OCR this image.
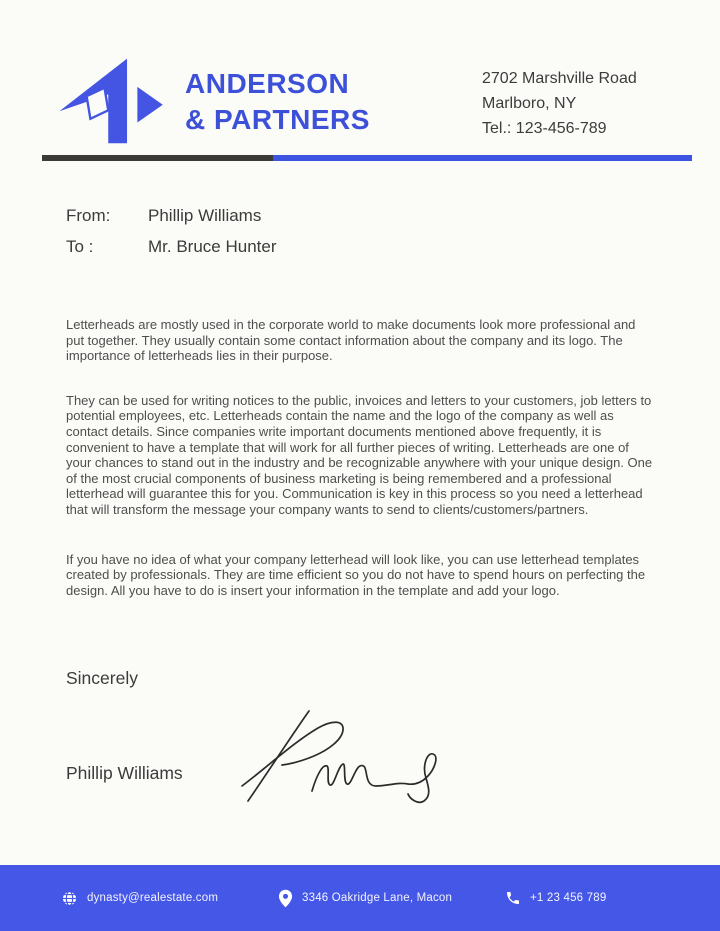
ANDERSON
& PARTNERS
2702 Marshville Road
Marlboro, NY
Tel.: 123-456-789
From:	Phillip Williams
To :	Mr. Bruce Hunter

Letterheads are mostly used in the corporate world to make documents look more professional and put together. They usually contain some contact information about the company and its logo. The importance of letterheads lies in their purpose.

They can be used for writing notices to the public, invoices and letters to your customers, job letters to potential employees, etc. Letterheads contain the name and the logo of the company as well as contact details. Since companies write important documents mentioned above frequently, it is convenient to have a template that will work for all further pieces of writing. Letterheads are one of your chances to stand out in the industry and be recognizable anywhere with your unique design. One of the most crucial components of business marketing is being remembered and a professional letterhead will guarantee this for you. Communication is key in this process so you need a letterhead that will transform the message your company wants to send to clients/customers/partners.

If you have no idea of what your company letterhead will look like, you can use letterhead templates created by professionals. They are time efficient so you do not have to spend hours on perfecting the design. All you have to do is insert your information in the template and add your logo.

Sincerely
Phillip Williams
dynasty@realestate.com	3346 Oakridge Lane, Macon	+1 23 456 789
